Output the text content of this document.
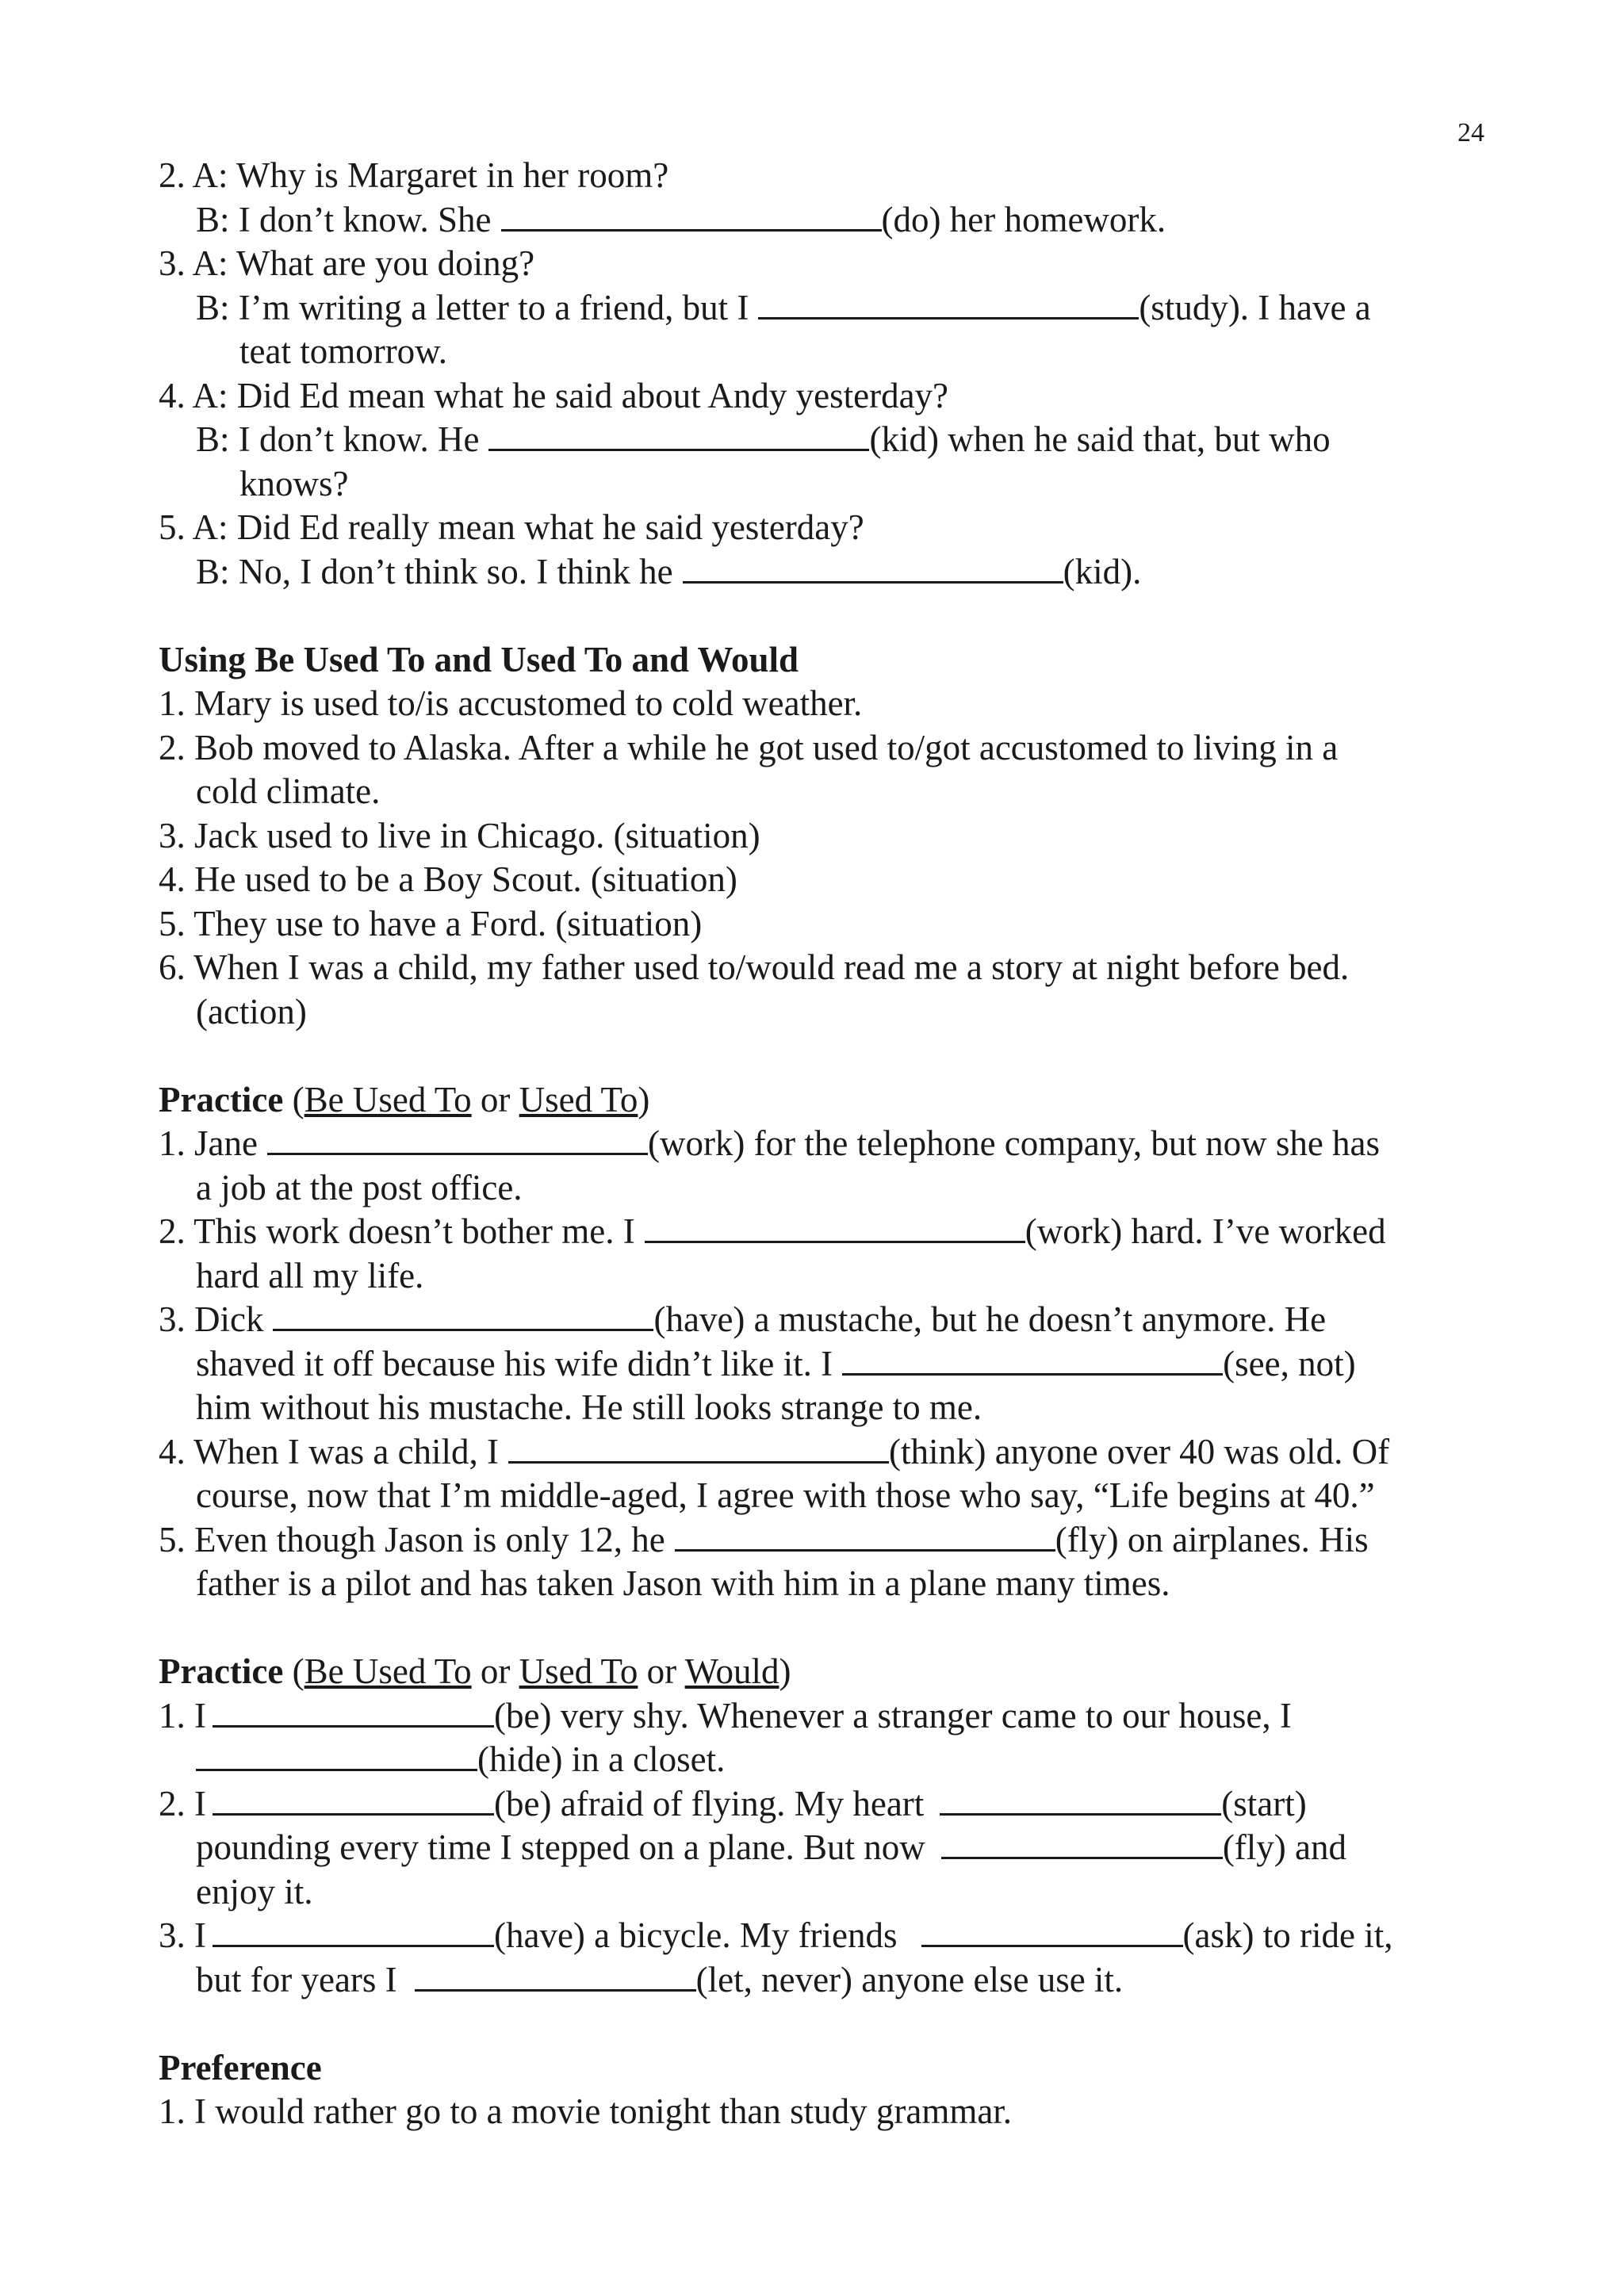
24
2. A: Why is Margaret in her room?
B: I don’t know. She	(do) her homework.
3. A: What are you doing?
B: I’m writing a letter to a friend, but I	(study). I have a
teat tomorrow.
4. A: Did Ed mean what he said about Andy yesterday?
B: I don’t know. He	(kid) when he said that, but who
knows?
5. A: Did Ed really mean what he said yesterday?
B: No, I don’t think so. I think he	(kid).
Using Be Used To and Used To and Would
1. Mary is used to/is accustomed to cold weather.
2. Bob moved to Alaska. After a while he got used to/got accustomed to living in a
cold climate.
3. Jack used to live in Chicago. (situation)
4. He used to be a Boy Scout. (situation)
5. They use to have a Ford. (situation)
6. When I was a child, my father used to/would read me a story at night before bed.
(action)
Practice (Be Used To or Used To)
1. Jane	(work) for the telephone company, but now she has
a job at the post office.
2. This work doesn’t bother me. I	(work) hard. I’ve worked
hard all my life.
3. Dick	(have) a mustache, but he doesn’t anymore. He
shaved it off because his wife didn’t like it. I	(see, not)
him without his mustache. He still looks strange to me.
4. When I was a child, I	(think) anyone over 40 was old. Of
course, now that I’m middle-aged, I agree with those who say, “Life begins at 40.”
5. Even though Jason is only 12, he	(fly) on airplanes. His
father is a pilot and has taken Jason with him in a plane many times.
Practice (Be Used To or Used To or Would)
1. I	(be) very shy. Whenever a stranger came to our house, I
(hide) in a closet.
2. I	(be) afraid of flying. My heart	(start)
pounding every time I stepped on a plane. But now	(fly) and
enjoy it.
3. I	(have) a bicycle. My friends	(ask) to ride it,
but for years I	(let, never) anyone else use it.
Preference
1. I would rather go to a movie tonight than study grammar.
